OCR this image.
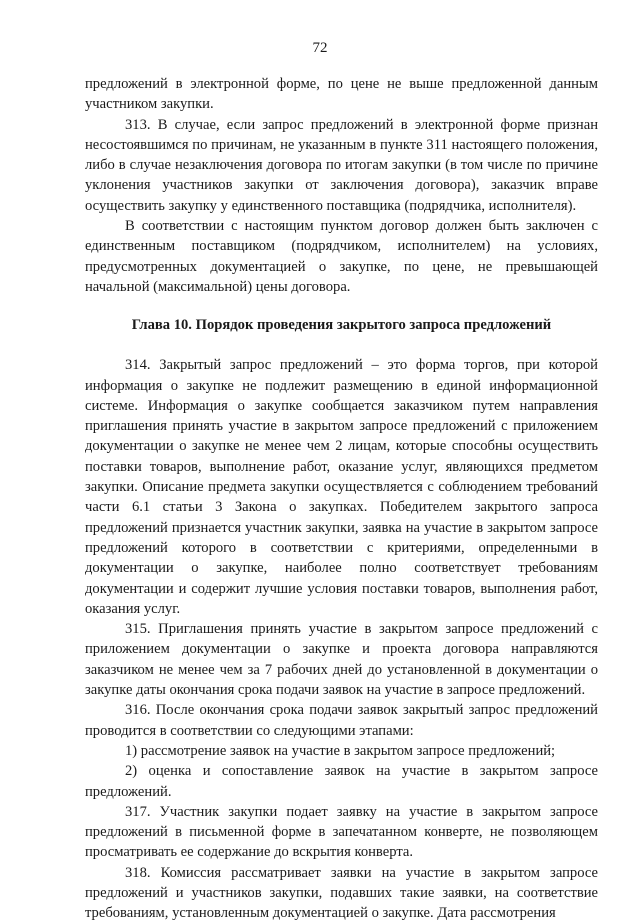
72

предложений в электронной форме, по цене не выше предложенной данным участником закупки.

313. В случае, если запрос предложений в электронной форме признан несостоявшимся по причинам, не указанным в пункте 311 настоящего положения, либо в случае незаключения договора по итогам закупки (в том числе по причине уклонения участников закупки от заключения договора), заказчик вправе осуществить закупку у единственного поставщика (подрядчика, исполнителя).

В соответствии с настоящим пунктом договор должен быть заключен с единственным поставщиком (подрядчиком, исполнителем) на условиях, предусмотренных документацией о закупке, по цене, не превышающей начальной (максимальной) цены договора.

Глава 10. Порядок проведения закрытого запроса предложений

314. Закрытый запрос предложений – это форма торгов, при которой информация о закупке не подлежит размещению в единой информационной системе. Информация о закупке сообщается заказчиком путем направления приглашения принять участие в закрытом запросе предложений с приложением документации о закупке не менее чем 2 лицам, которые способны осуществить поставки товаров, выполнение работ, оказание услуг, являющихся предметом закупки. Описание предмета закупки осуществляется с соблюдением требований части 6.1 статьи 3 Закона о закупках. Победителем закрытого запроса предложений признается участник закупки, заявка на участие в закрытом запросе предложений которого в соответствии с критериями, определенными в документации о закупке, наиболее полно соответствует требованиям документации и содержит лучшие условия поставки товаров, выполнения работ, оказания услуг.

315. Приглашения принять участие в закрытом запросе предложений с приложением документации о закупке и проекта договора направляются заказчиком не менее чем за 7 рабочих дней до установленной в документации о закупке даты окончания срока подачи заявок на участие в запросе предложений.

316. После окончания срока подачи заявок закрытый запрос предложений проводится в соответствии со следующими этапами:

1) рассмотрение заявок на участие в закрытом запросе предложений;

2) оценка и сопоставление заявок на участие в закрытом запросе предложений.

317. Участник закупки подает заявку на участие в закрытом запросе предложений в письменной форме в запечатанном конверте, не позволяющем просматривать ее содержание до вскрытия конверта.

318. Комиссия рассматривает заявки на участие в закрытом запросе предложений и участников закупки, подавших такие заявки, на соответствие требованиям, установленным документацией о закупке. Дата рассмотрения
